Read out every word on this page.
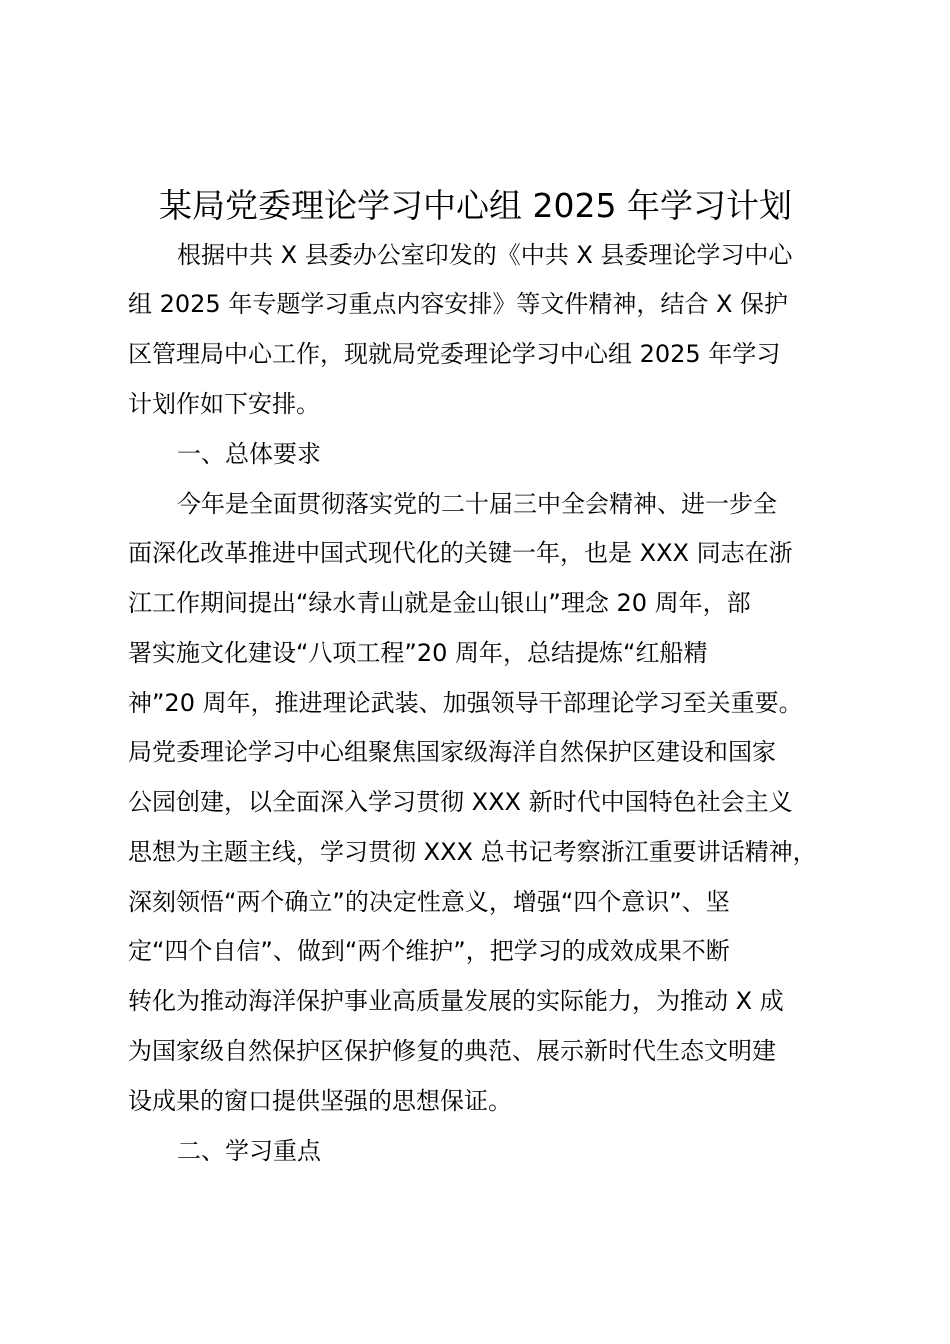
某局党委理论学习中心组 2025 年学习计划
根据中共 X 县委办公室印发的《中共 X 县委理论学习中心
组 2025 年专题学习重点内容安排》等文件精神，结合 X 保护
区管理局中心工作，现就局党委理论学习中心组 2025 年学习
计划作如下安排。
一、总体要求
今年是全面贯彻落实党的二十届三中全会精神、进一步全
面深化改革推进中国式现代化的关键一年，也是 XXX 同志在浙
江工作期间提出“绿水青山就是金山银山”理念 20 周年，部
署实施文化建设“八项工程”20 周年，总结提炼“红船精
神”20 周年，推进理论武装、加强领导干部理论学习至关重要。
局党委理论学习中心组聚焦国家级海洋自然保护区建设和国家
公园创建，以全面深入学习贯彻 XXX 新时代中国特色社会主义
思想为主题主线，学习贯彻 XXX 总书记考察浙江重要讲话精神，
深刻领悟“两个确立”的决定性意义，增强“四个意识”、坚
定“四个自信”、做到“两个维护”，把学习的成效成果不断
转化为推动海洋保护事业高质量发展的实际能力，为推动 X 成
为国家级自然保护区保护修复的典范、展示新时代生态文明建
设成果的窗口提供坚强的思想保证。
二、学习重点
